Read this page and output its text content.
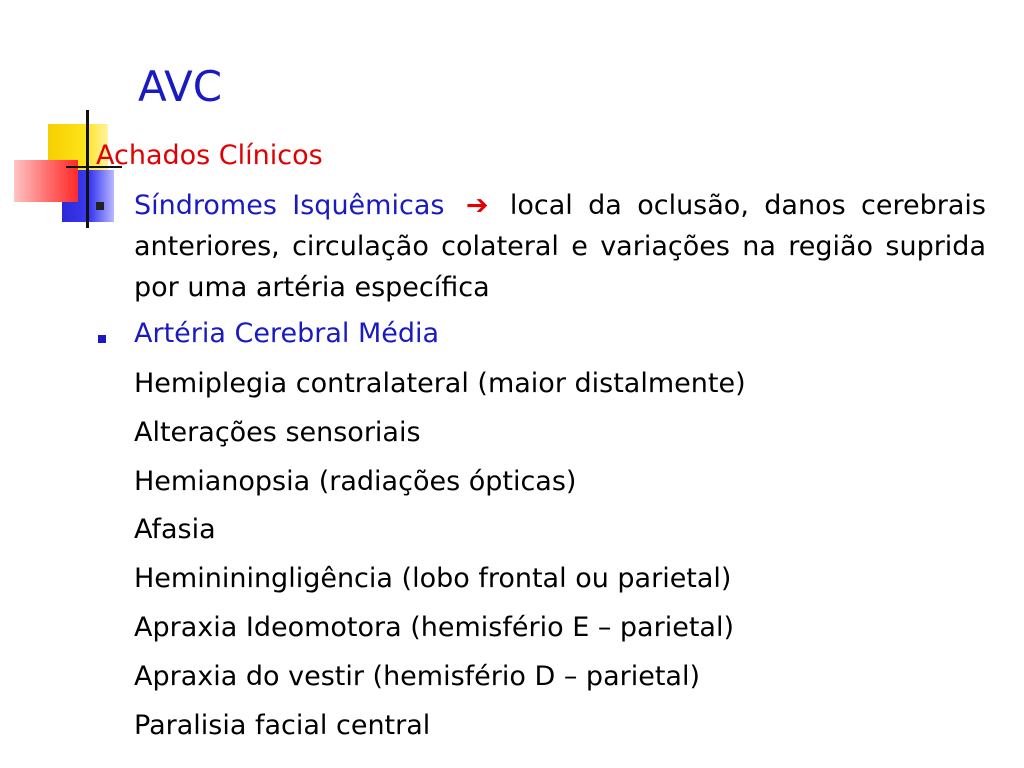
AVC
Achados Clínicos
Síndromes Isquêmicas ➔ local da oclusão, danos cerebrais anteriores, circulação colateral e variações na região suprida por uma artéria específica
Artéria Cerebral Média
Hemiplegia contralateral (maior distalmente)
Alterações sensoriais
Hemianopsia (radiações ópticas)
Afasia
Hemininingligência (lobo frontal ou parietal)
Apraxia Ideomotora (hemisfério E – parietal)
Apraxia do vestir (hemisfério D – parietal)
Paralisia facial central
